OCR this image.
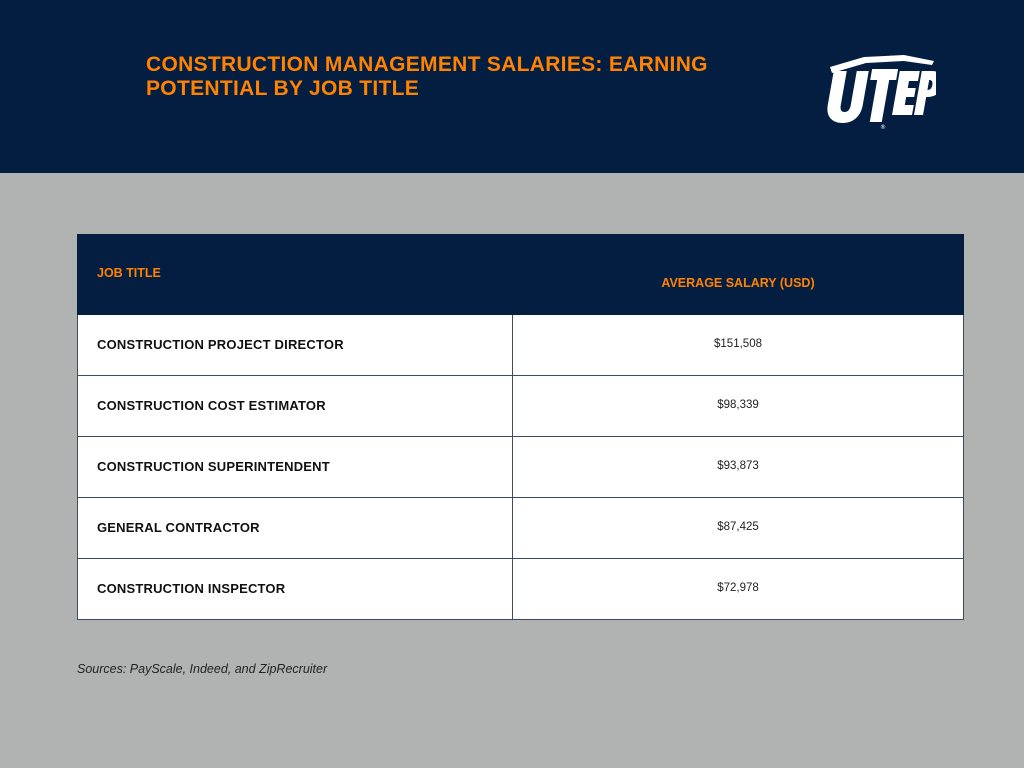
CONSTRUCTION MANAGEMENT SALARIES: EARNING POTENTIAL BY JOB TITLE
®
JOB TITLE	AVERAGE SALARY (USD)

CONSTRUCTION PROJECT DIRECTOR	$151,508
CONSTRUCTION COST ESTIMATOR	$98,339
CONSTRUCTION SUPERINTENDENT	$93,873
GENERAL CONTRACTOR	$87,425
CONSTRUCTION INSPECTOR	$72,978
Sources: PayScale, Indeed, and ZipRecruiter
